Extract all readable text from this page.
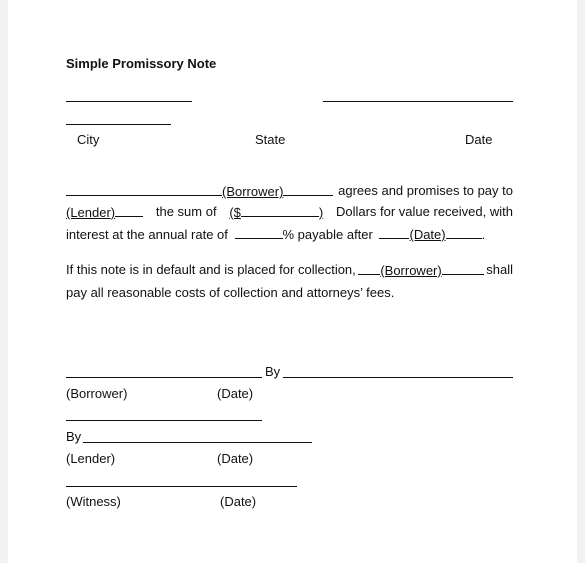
Simple Promissory Note
City	State	Date
(Borrower)	agrees and promises to pay to
(Lender)	the sum of ($	) Dollars for value received, with
interest at the annual rate of	% payable after	(Date)	.
If this note is in default and is placed for collection,	(Borrower)	shall
pay all reasonable costs of collection and attorneys’ fees.
By
(Borrower)	(Date)
By
(Lender)	(Date)
(Witness)	(Date)
